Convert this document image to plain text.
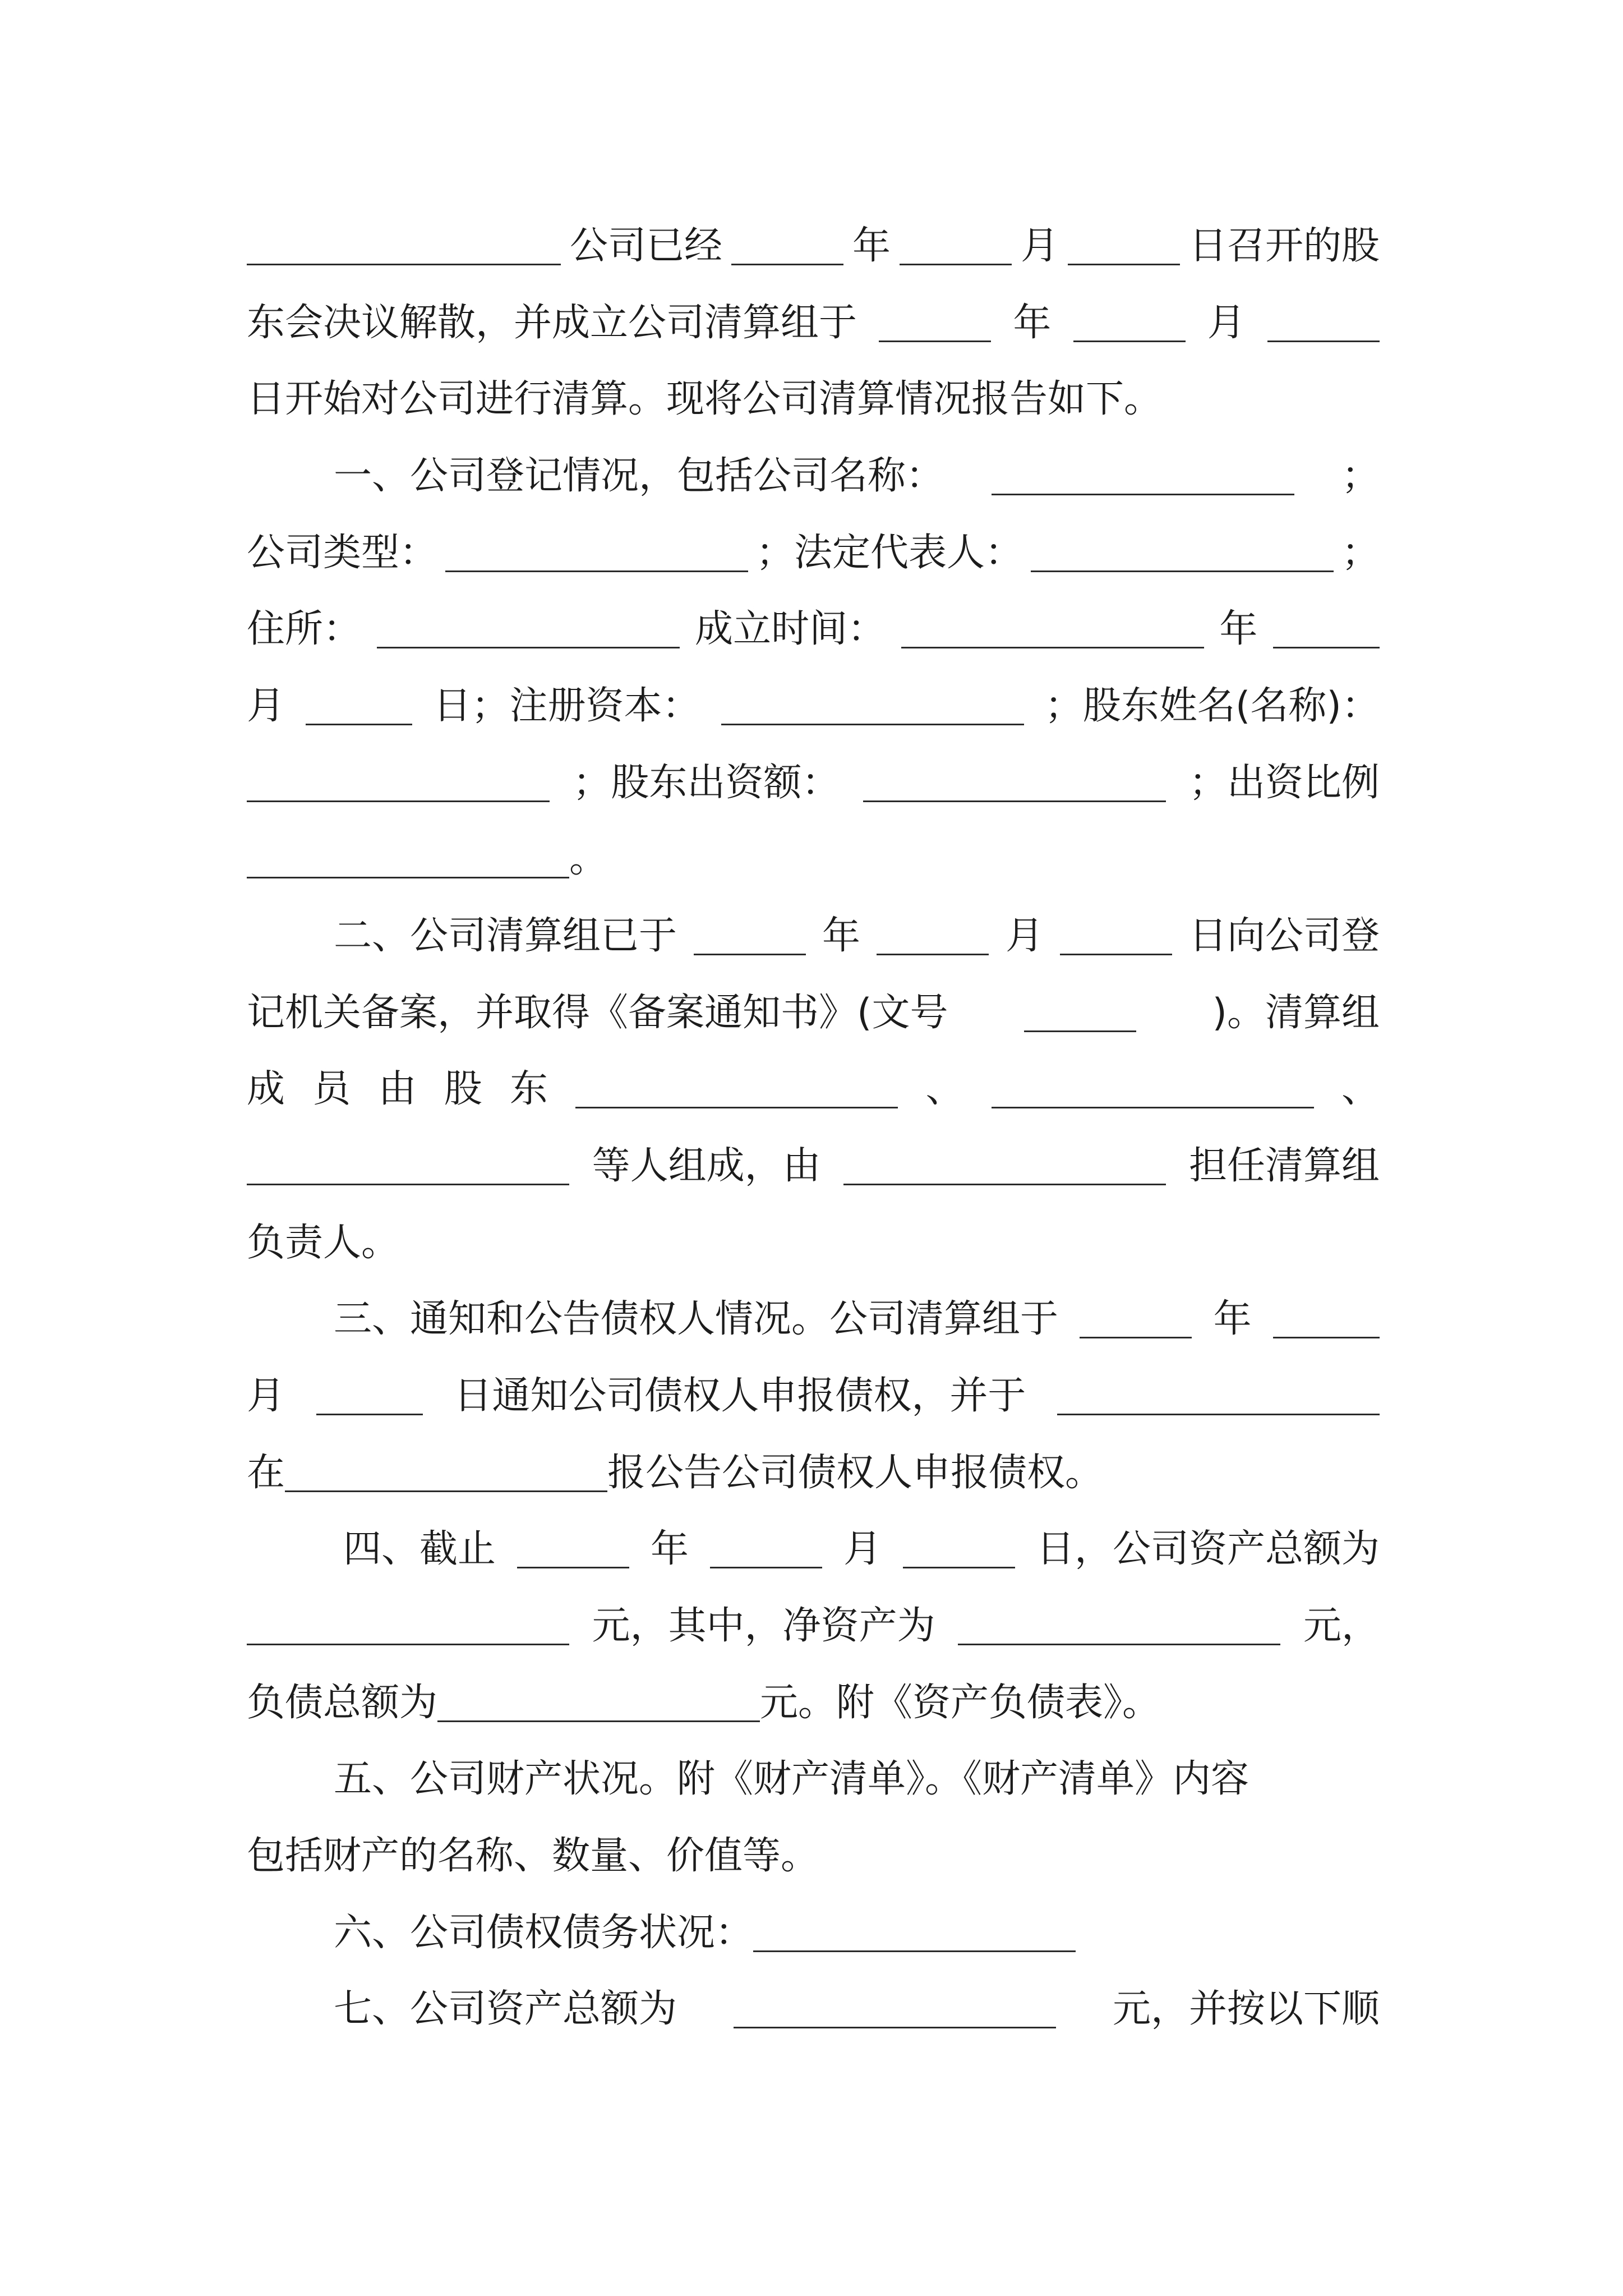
公司已经	年	月	日召开的股
东会决议解散，并成立公司清算组于	年	月
日开始对公司进行清算。现将公司清算情况报告如下。
一、公司登记情况，包括公司名称：	；
公司类型：	；法定代表人：	；
住所：	成立时间：	年
月	日；注册资本：	；股东姓名(名称)：
；股东出资额：	；出资比例
。
二、公司清算组已于	年	月	日向公司登
记机关备案，并取得《备案通知书》(文号	)。清算组
成 员 由 股 东	、	、
等人组成，由	担任清算组
负责人。
三、通知和公告债权人情况。公司清算组于	年
月	日通知公司债权人申报债权，并于
在	报公告公司债权人申报债权。
四、截止	年	月	日，公司资产总额为
元，其中，净资产为	元，
负债总额为	元。附《资产负债表》。
五、公司财产状况。附《财产清单》。《财产清单》内容
包括财产的名称、数量、价值等。
六、公司债权债务状况：
七、公司资产总额为	元，并按以下顺
